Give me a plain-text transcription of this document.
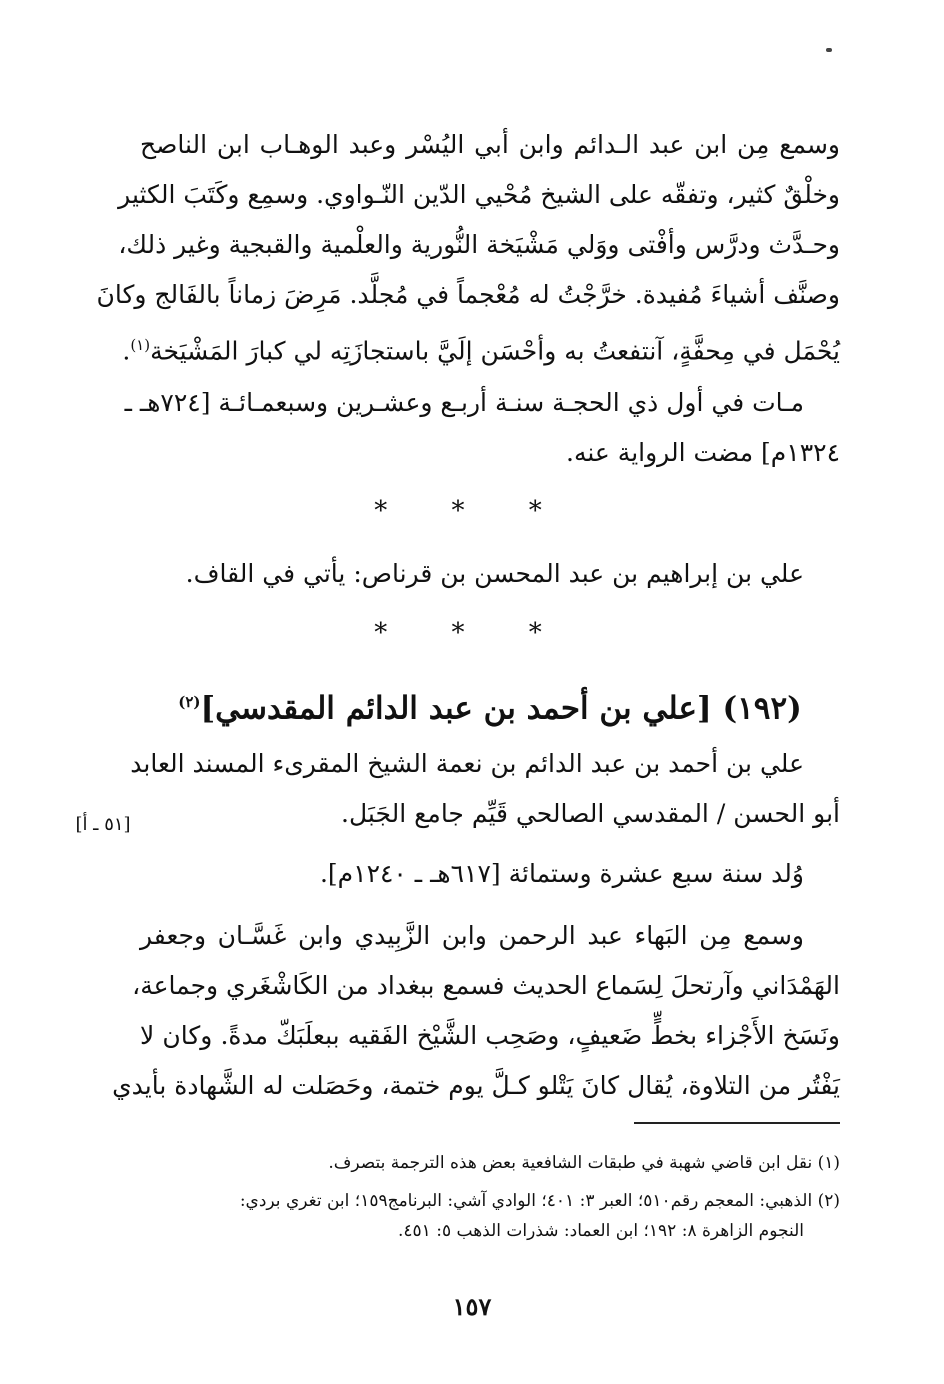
وسمع مِن ابن عبد الـدائم وابن أبي اليُسْر وعبد الوهـاب ابن الناصح
وخلْقٌ كثير، وتفقّه على الشيخ مُحْيي الدّين النّـواوي. وسمِع وكَتَبَ الكثير
وحـدَّث ودرَّس وأفْتى ووَلي مَشْيَخة النُّورية والعلْمية والقبجية وغير ذلك،
وصنَّف أشياءَ مُفيدة. خرَّجْتُ له مُعْجماً في مُجلَّد. مَرِضَ زماناً بالفَالج وكانَ
يُحْمَل في مِحفَّةٍ، آنتفعتُ به وأحْسَن إلَيَّ باستجازَتِه لي كبارَ المَشْيَخة$^{(١)}$.
مـات في أول ذي الحجـة سنـة أربـع وعشـرين وسبعمـائـة [٧٢٤هـ ـ
١٣٢٤م] مضت الرواية عنه.
* * *
علي بن إبراهيم بن عبد المحسن بن قرناص: يأتي في القاف.
* * *
(١٩٢) [علي بن أحمد بن عبد الدائم المقدسي]$^{(٢)}$
علي بن أحمد بن عبد الدائم بن نعمة الشيخ المقرىء المسند العابد
أبو الحسن / المقدسي الصالحي قَيِّم جامع الجَبَل.
[٥١ ـ أ]
وُلد سنة سبع عشرة وستمائة [٦١٧هـ ـ ١٢٤٠م].
وسمع مِن البَهاء عبد الرحمن وابن الزَّبِيدي وابن غَسَّـان وجعفر
الهَمْدَاني وآرتحلَ لِسَماع الحديث فسمع ببغداد من الكَاشْغَري وجماعة،
ونَسَخ الأَجْزاء بخطٍّ ضَعيفٍ، وصَحِب الشَّيْخ الفَقيه ببعلَبَكّ مدةً. وكان لا
يَفْتُر من التلاوة، يُقال كانَ يَتْلو كـلَّ يوم ختمة، وحَصَلت له الشَّهادة بأيدي
(١) نقل ابن قاضي شهبة في طبقات الشافعية بعض هذه الترجمة بتصرف.
(٢) الذهبي: المعجم رقم٥١٠؛ العبر ٣: ٤٠١؛ الوادي آشي: البرنامج١٥٩؛ ابن تغري بردي:
النجوم الزاهرة ٨: ١٩٢؛ ابن العماد: شذرات الذهب ٥: ٤٥١.
١٥٧
